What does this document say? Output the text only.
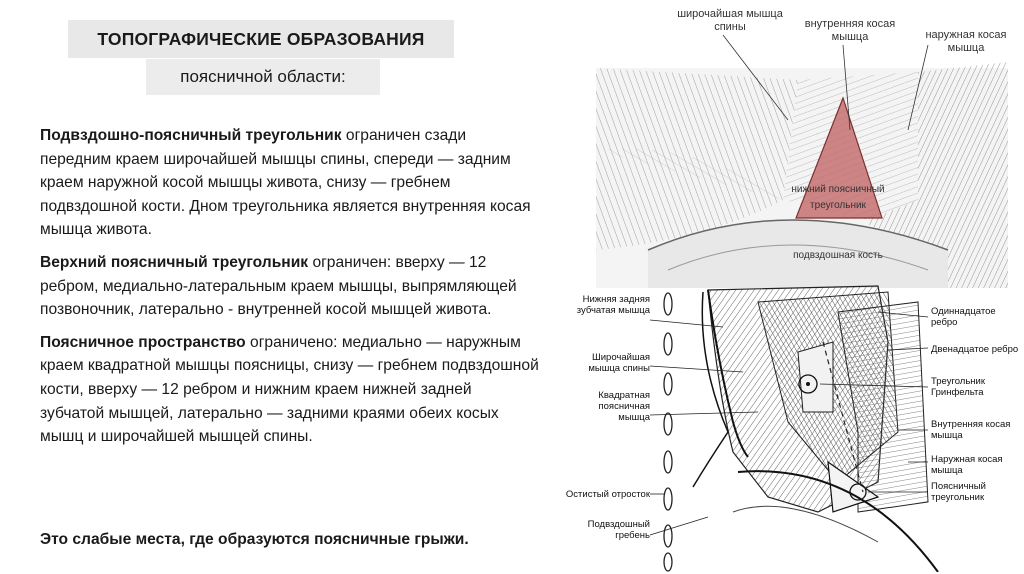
ТОПОГРАФИЧЕСКИЕ ОБРАЗОВАНИЯ
поясничной области:

Подвздошно-поясничный треугольник ограничен сзади передним краем широчайшей мышцы спины, спереди — задним краем наружной косой мышцы живота, снизу — гребнем подвздошной кости. Дном треугольника является внутренняя косая мышца живота.

Верхний поясничный треугольник ограничен: вверху — 12 ребром, медиально-латеральным краем мышцы, выпрямляющей позвоночник, латерально - внутренней косой мышцей живота.

Поясничное пространство ограничено: медиально — наружным краем квадратной мышцы поясницы, снизу — гребнем подвздошной кости, вверху — 12 ребром и нижним краем нижней задней зубчатой мышцей, латерально — задними краями обеих косых мышц и широчайшей мышцей спины.

Это слабые места, где образуются поясничные грыжи.
широчайшая мышца
спины	внутренняя косая
мышца	наружная косая
мышца
нижний поясничный
треугольник
подвздошная кость
Нижняя задняя
зубчатая мышца
Широчайшая
мышца спины
Квадратная
поясничная
мышца
Остистый отросток
Подвздошный
гребень
Одиннадцатое
ребро
Двенадцатое ребро
Треугольник
Гринфельта
Внутренняя косая
мышца
Наружная косая
мышца
Поясничный
треугольник
